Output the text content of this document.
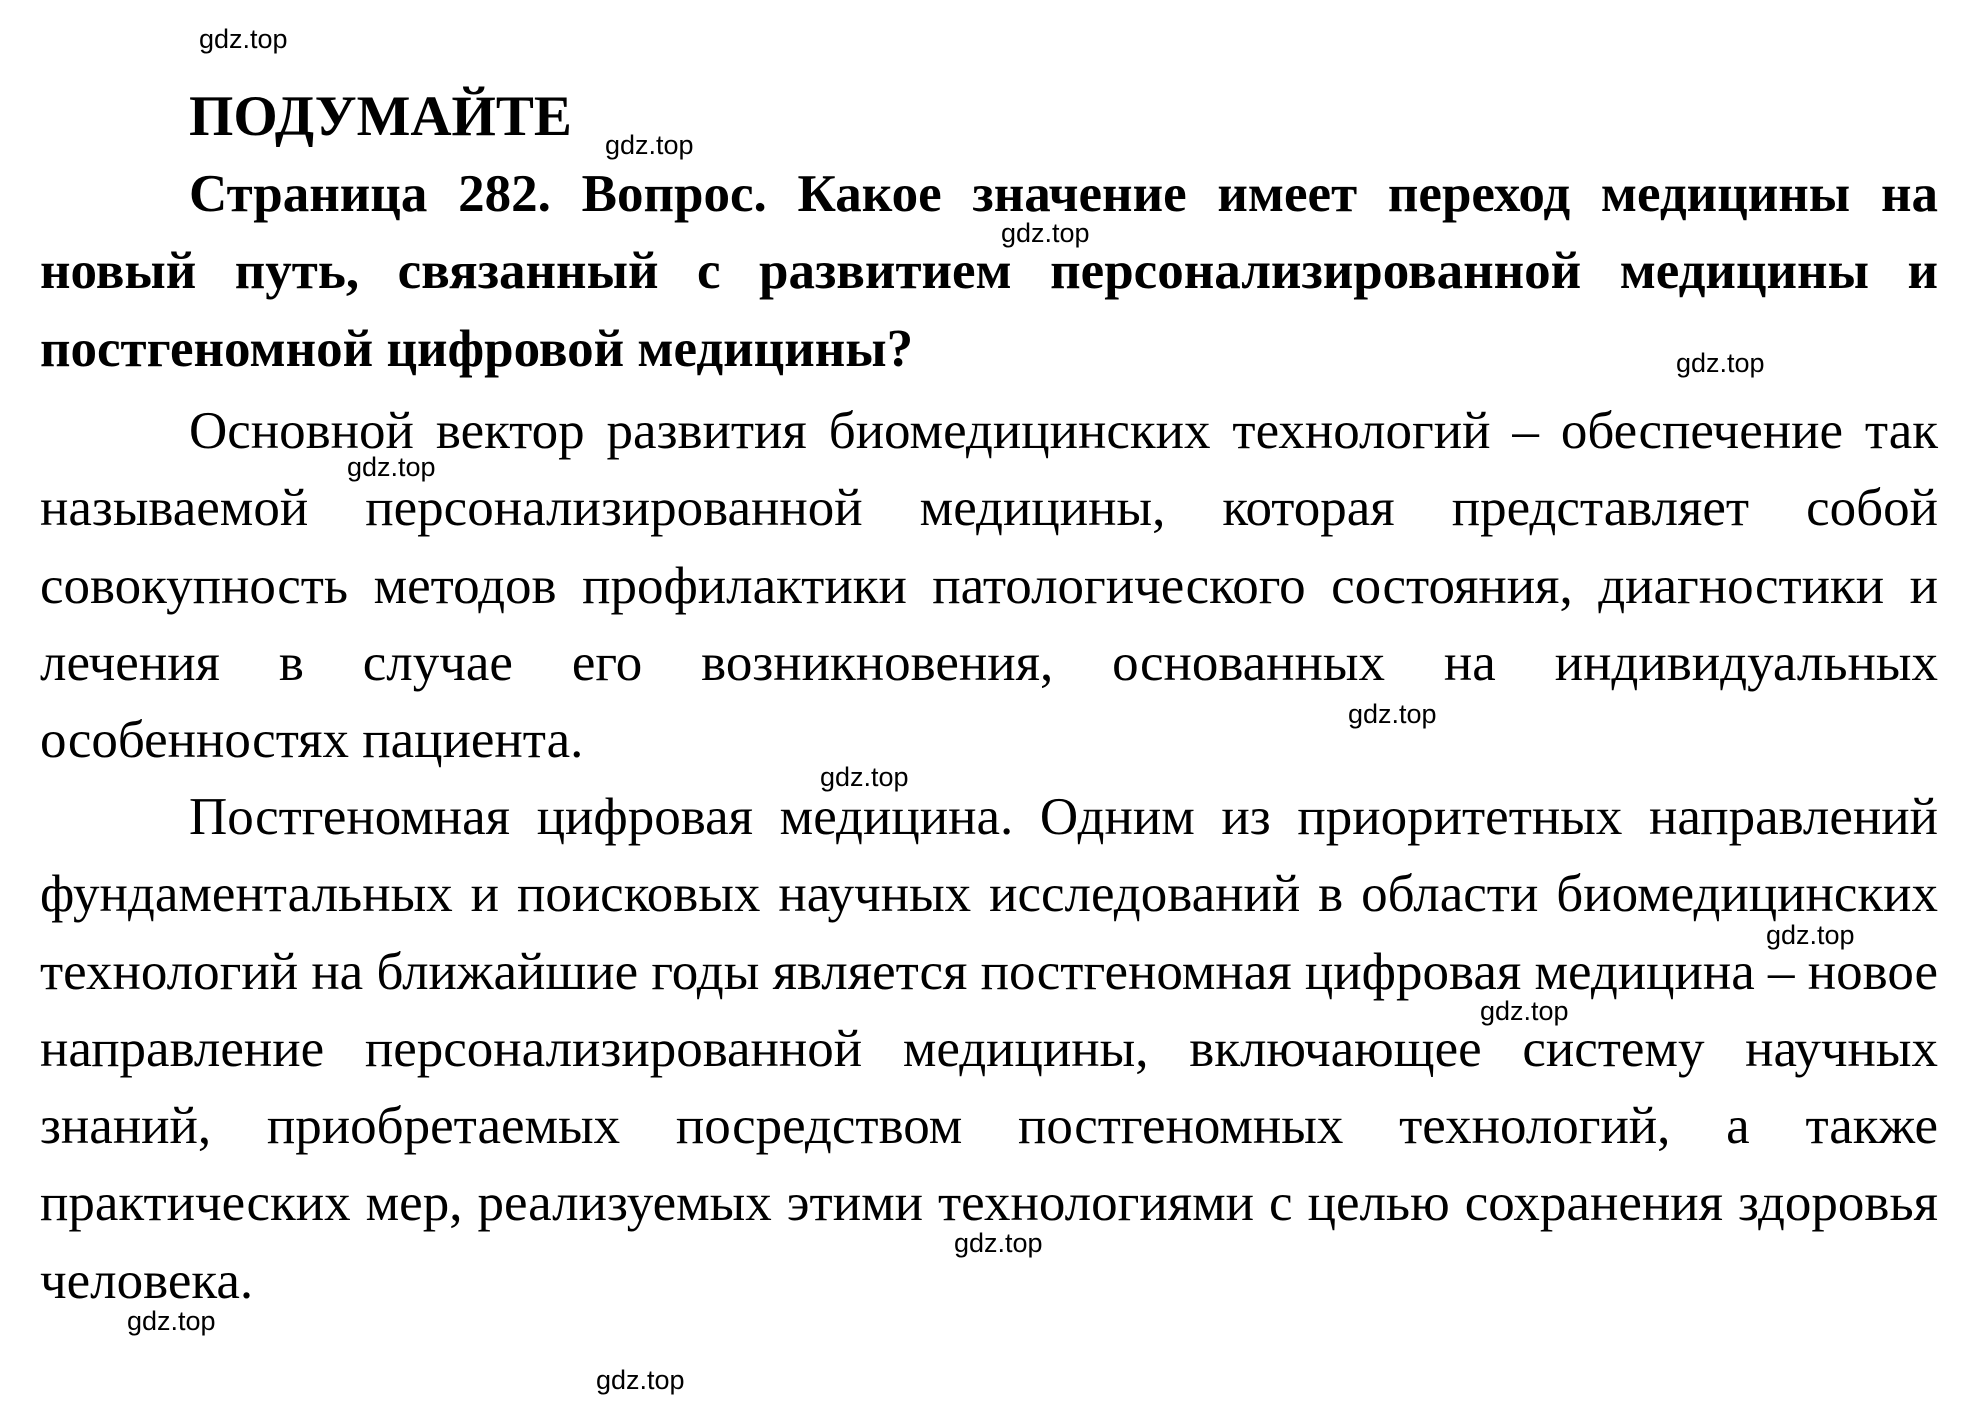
ПОДУМАЙТЕ

Страница 282. Вопрос. Какое значение имеет переход медицины на новый путь, связанный с развитием персонализированной медицины и постгеномной цифровой медицины?

Основной вектор развития биомедицинских технологий – обеспечение так называемой персонализированной медицины, которая представляет собой совокупность методов профилактики патологического состояния, диагностики и лечения в случае его возникновения, основанных на индивидуальных особенностях пациента.

Постгеномная цифровая медицина. Одним из приоритетных направлений фундаментальных и поисковых научных исследований в области биомедицинских технологий на ближайшие годы является постгеномная цифровая медицина – новое направление персонализированной медицины, включающее систему научных знаний, приобретаемых посредством постгеномных технологий, а также практических мер, реализуемых этими технологиями с целью сохранения здоровья человека.

gdz.top
gdz.top
gdz.top
gdz.top
gdz.top
gdz.top
gdz.top
gdz.top
gdz.top
gdz.top
gdz.top
gdz.top
